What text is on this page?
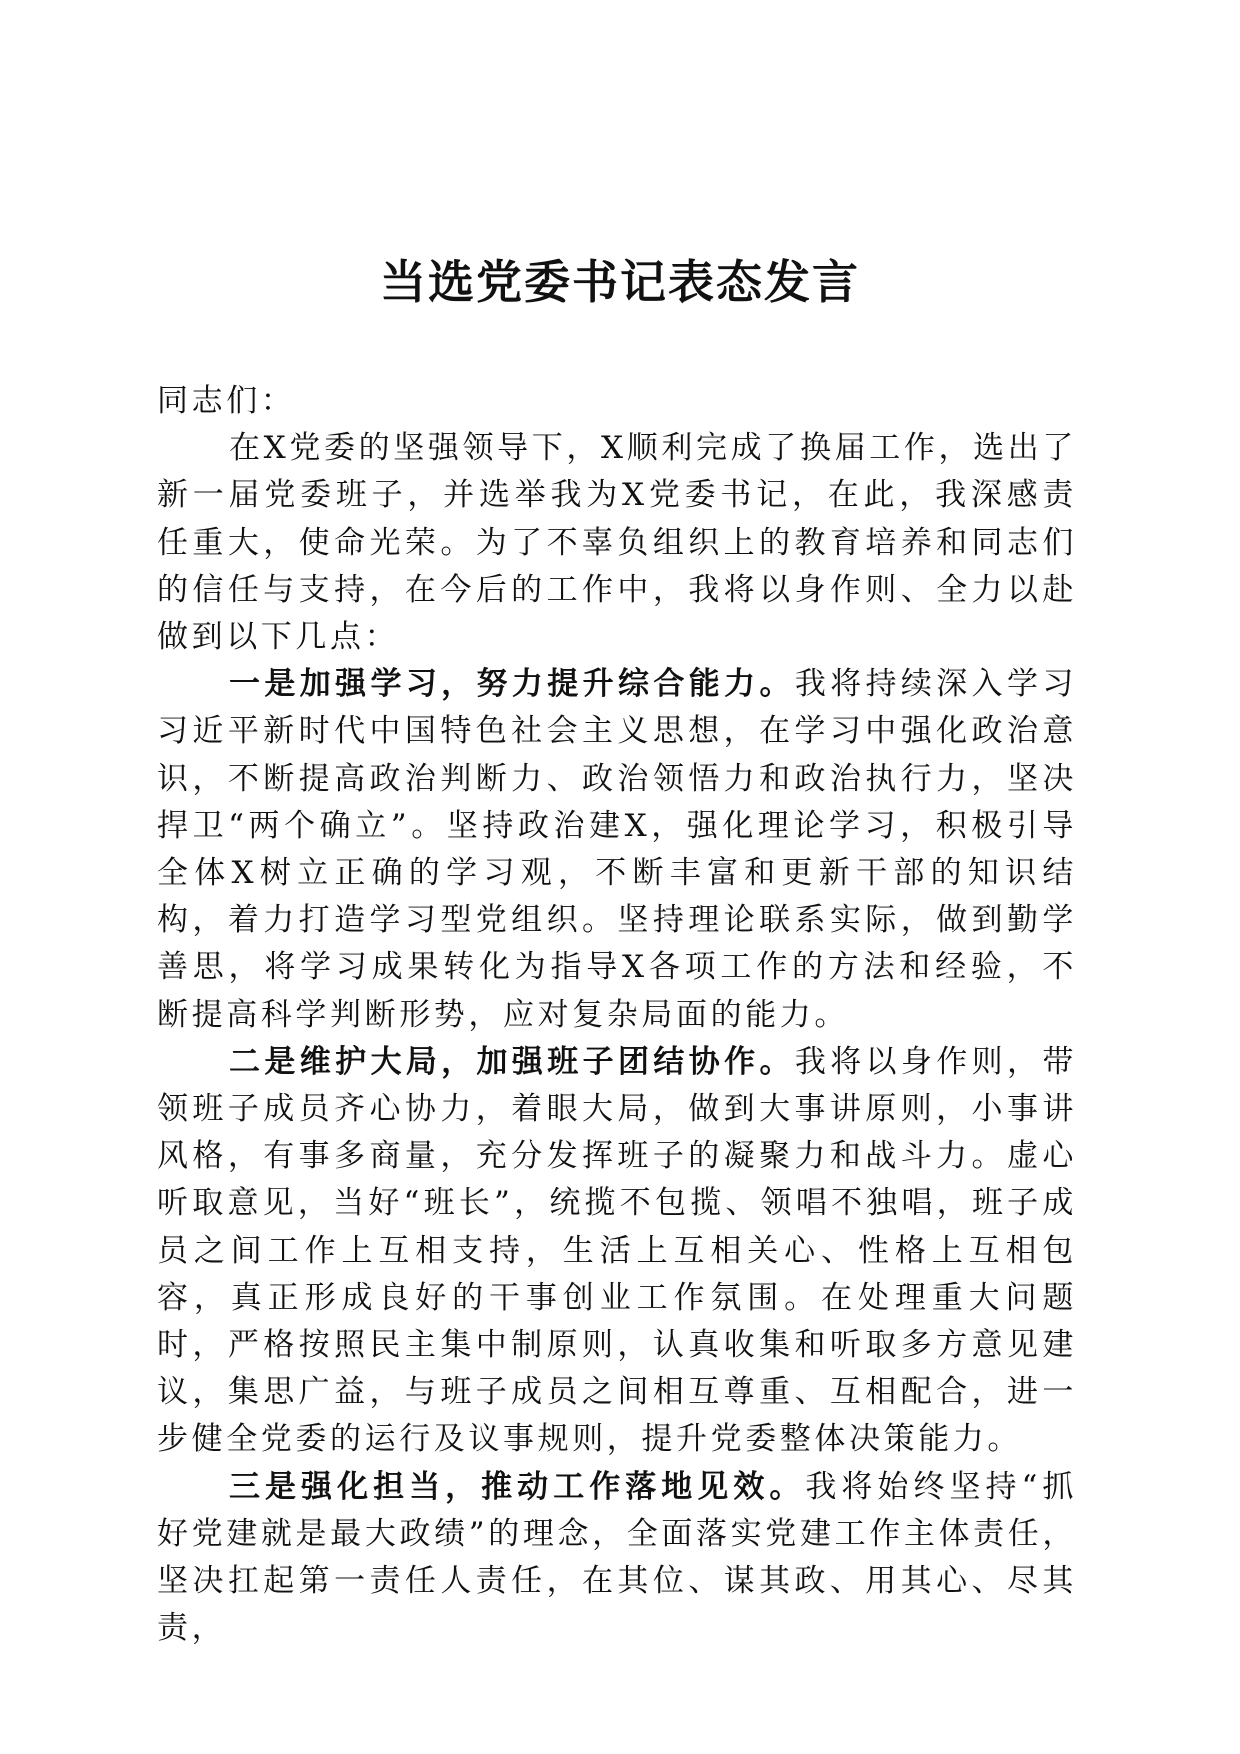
当选党委书记表态发言

同志们：

在X党委的坚强领导下，X顺利完成了换届工作，选出了新一届党委班子，并选举我为X党委书记，在此，我深感责任重大，使命光荣。为了不辜负组织上的教育培养和同志们的信任与支持，在今后的工作中，我将以身作则、全力以赴做到以下几点：

一是加强学习，努力提升综合能力。我将持续深入学习习近平新时代中国特色社会主义思想，在学习中强化政治意识，不断提高政治判断力、政治领悟力和政治执行力，坚决捍卫“两个确立”。坚持政治建X，强化理论学习，积极引导全体X树立正确的学习观，不断丰富和更新干部的知识结构，着力打造学习型党组织。坚持理论联系实际，做到勤学善思，将学习成果转化为指导X各项工作的方法和经验，不断提高科学判断形势，应对复杂局面的能力。

二是维护大局，加强班子团结协作。我将以身作则，带领班子成员齐心协力，着眼大局，做到大事讲原则，小事讲风格，有事多商量，充分发挥班子的凝聚力和战斗力。虚心听取意见，当好“班长”，统揽不包揽、领唱不独唱，班子成员之间工作上互相支持，生活上互相关心、性格上互相包容，真正形成良好的干事创业工作氛围。在处理重大问题时，严格按照民主集中制原则，认真收集和听取多方意见建议，集思广益，与班子成员之间相互尊重、互相配合，进一步健全党委的运行及议事规则，提升党委整体决策能力。

三是强化担当，推动工作落地见效。我将始终坚持“抓好党建就是最大政绩”的理念，全面落实党建工作主体责任，坚决扛起第一责任人责任，在其位、谋其政、用其心、尽其责，
